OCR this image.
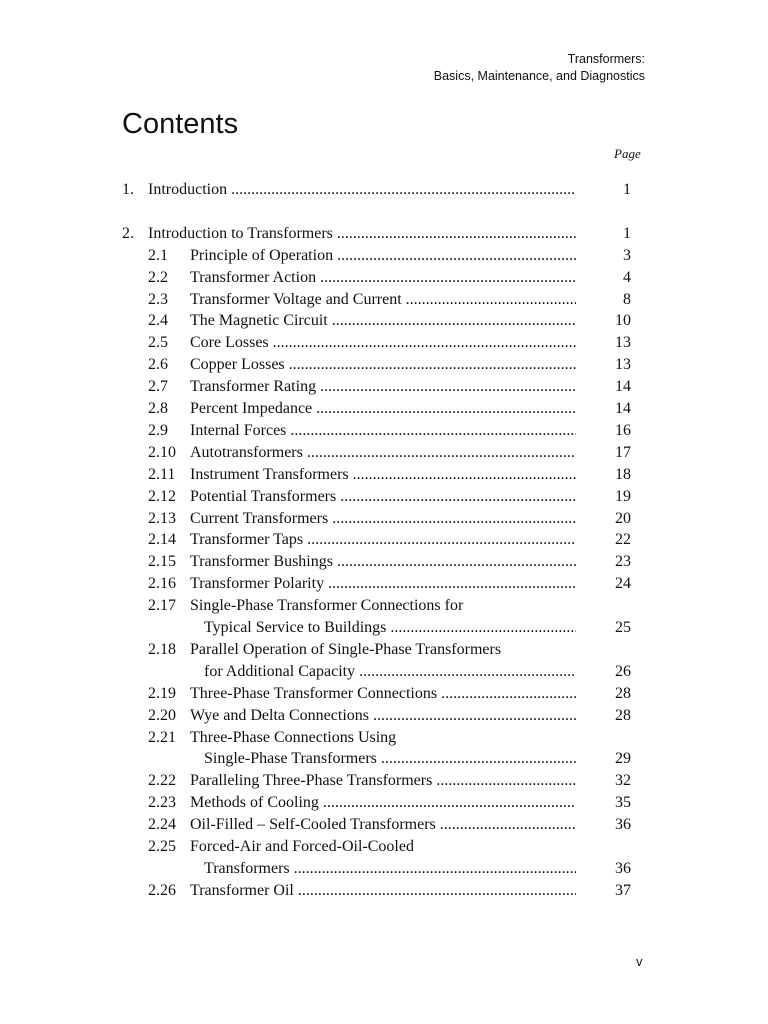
Transformers:
Basics, Maintenance, and Diagnostics
Contents
Page
1. Introduction .....	1
2. Introduction to Transformers .....	1
2.1 Principle of Operation .....	3
2.2 Transformer Action .....	4
2.3 Transformer Voltage and Current .....	8
2.4 The Magnetic Circuit .....	10
2.5 Core Losses .....	13
2.6 Copper Losses .....	13
2.7 Transformer Rating .....	14
2.8 Percent Impedance .....	14
2.9 Internal Forces .....	16
2.10 Autotransformers .....	17
2.11 Instrument Transformers .....	18
2.12 Potential Transformers .....	19
2.13 Current Transformers .....	20
2.14 Transformer Taps .....	22
2.15 Transformer Bushings .....	23
2.16 Transformer Polarity .....	24
2.17 Single-Phase Transformer Connections for
Typical Service to Buildings .....	25
2.18 Parallel Operation of Single-Phase Transformers
for Additional Capacity .....	26
2.19 Three-Phase Transformer Connections .....	28
2.20 Wye and Delta Connections .....	28
2.21 Three-Phase Connections Using
Single-Phase Transformers .....	29
2.22 Paralleling Three-Phase Transformers .....	32
2.23 Methods of Cooling .....	35
2.24 Oil-Filled – Self-Cooled Transformers .....	36
2.25 Forced-Air and Forced-Oil-Cooled
Transformers .....	36
2.26 Transformer Oil .....	37
v
